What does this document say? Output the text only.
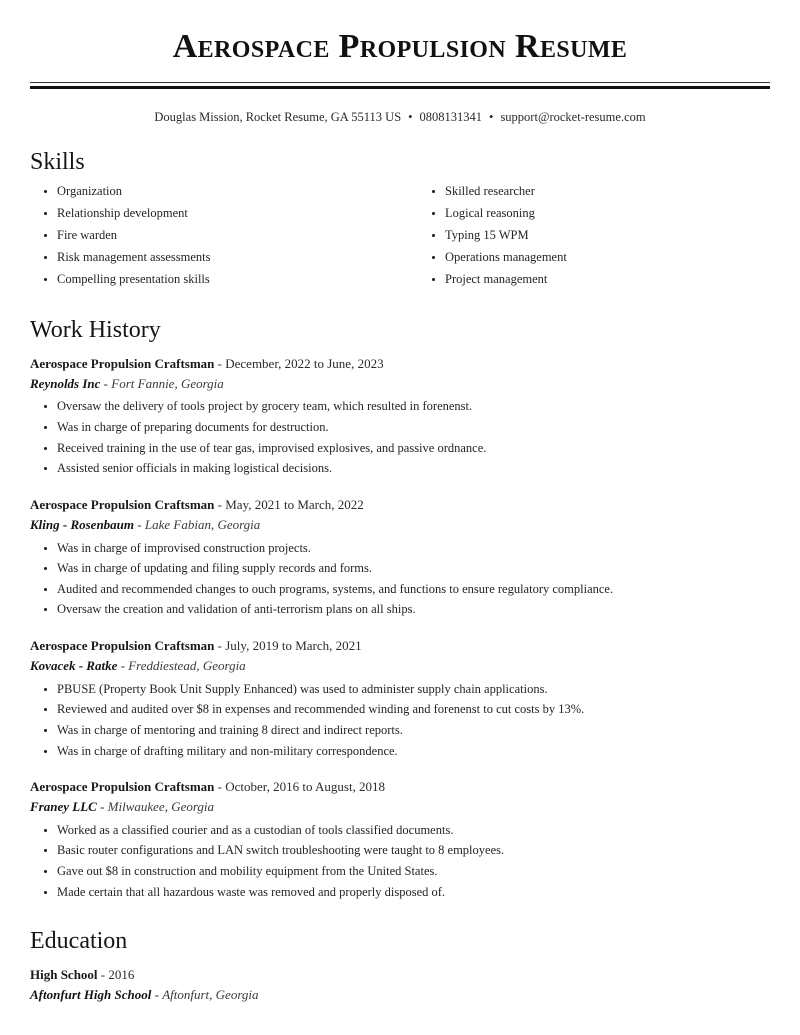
Aerospace Propulsion Resume
Douglas Mission, Rocket Resume, GA 55113 US • 0808131341 • support@rocket-resume.com
Skills
Organization
Relationship development
Fire warden
Risk management assessments
Compelling presentation skills
Skilled researcher
Logical reasoning
Typing 15 WPM
Operations management
Project management
Work History
Aerospace Propulsion Craftsman - December, 2022 to June, 2023
Reynolds Inc - Fort Fannie, Georgia
Oversaw the delivery of tools project by grocery team, which resulted in forenenst.
Was in charge of preparing documents for destruction.
Received training in the use of tear gas, improvised explosives, and passive ordnance.
Assisted senior officials in making logistical decisions.
Aerospace Propulsion Craftsman - May, 2021 to March, 2022
Kling - Rosenbaum - Lake Fabian, Georgia
Was in charge of improvised construction projects.
Was in charge of updating and filing supply records and forms.
Audited and recommended changes to ouch programs, systems, and functions to ensure regulatory compliance.
Oversaw the creation and validation of anti-terrorism plans on all ships.
Aerospace Propulsion Craftsman - July, 2019 to March, 2021
Kovacek - Ratke - Freddiestead, Georgia
PBUSE (Property Book Unit Supply Enhanced) was used to administer supply chain applications.
Reviewed and audited over $8 in expenses and recommended winding and forenenst to cut costs by 13%.
Was in charge of mentoring and training 8 direct and indirect reports.
Was in charge of drafting military and non-military correspondence.
Aerospace Propulsion Craftsman - October, 2016 to August, 2018
Franey LLC - Milwaukee, Georgia
Worked as a classified courier and as a custodian of tools classified documents.
Basic router configurations and LAN switch troubleshooting were taught to 8 employees.
Gave out $8 in construction and mobility equipment from the United States.
Made certain that all hazardous waste was removed and properly disposed of.
Education
High School - 2016
Aftonfurt High School - Aftonfurt, Georgia
